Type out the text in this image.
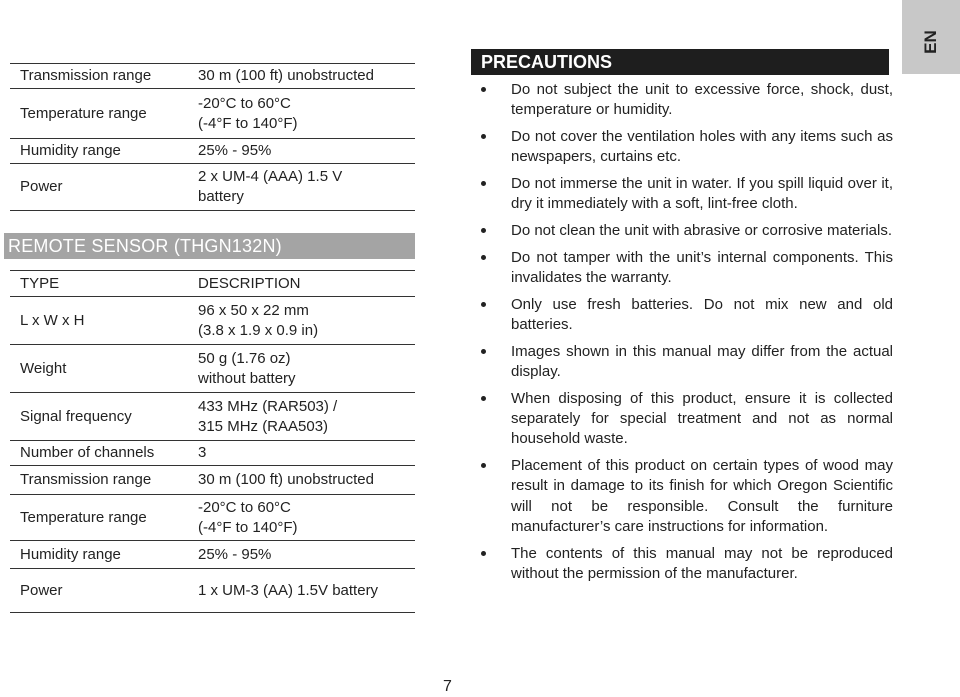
Transmission range	30 m (100 ft) unobstructed

Temperature range	-20°C to 60°C
(-4°F to 140°F)

Humidity range	25% - 95%

Power	2 x UM-4 (AAA) 1.5 V
battery
REMOTE SENSOR (THGN132N)
TYPE	DESCRIPTION
L x W x H	96 x 50 x 22 mm
(3.8 x 1.9 x 0.9 in)

Weight	50 g (1.76 oz)
without battery

Signal frequency	433 MHz (RAR503) /
315 MHz (RAA503)

Number of channels	3

Transmission range	30 m (100 ft) unobstructed

Temperature range	-20°C to 60°C
(-4°F to 140°F)

Humidity range	25% - 95%

Power	1 x UM-3 (AA) 1.5V battery
PRECAUTIONS
Do not subject the unit to excessive force, shock, dust, temperature or humidity.
Do not cover the ventilation holes with any items such as newspapers, curtains etc.
Do not immerse the unit in water. If you spill liquid over it, dry it immediately with a soft, lint-free cloth.
Do not clean the unit with abrasive or corrosive materials.
Do not tamper with the unit’s internal components. This invalidates the warranty.
Only use fresh batteries. Do not mix new and old batteries.
Images shown in this manual may differ from the actual display.
When disposing of this product, ensure it is collected separately for special treatment and not as normal household waste.
Placement of this product on certain types of wood may result in damage to its finish for which Oregon Scientific will not be responsible. Consult the furniture manufacturer’s care instructions for information.
The contents of this manual may not be reproduced without the permission of the manufacturer.
EN
7
